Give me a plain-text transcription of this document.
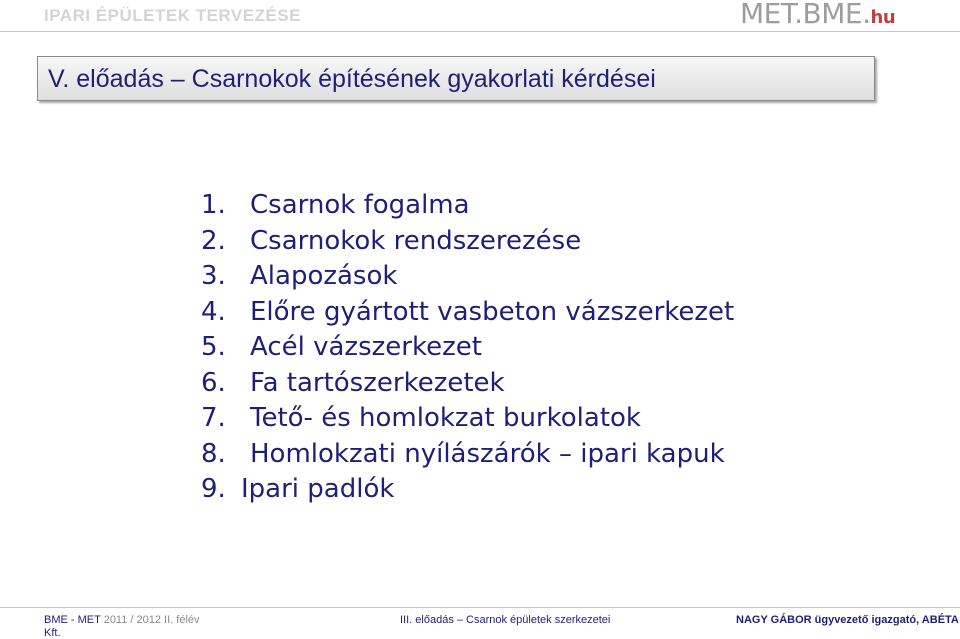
IPARI ÉPÜLETEK TERVEZÉSE	MET.BME.hu
V. előadás – Csarnokok építésének gyakorlati kérdései
1. Csarnok fogalma
2. Csarnokok rendszerezése
3. Alapozások
4. Előre gyártott vasbeton vázszerkezet
5. Acél vázszerkezet
6. Fa tartószerkezetek
7. Tető- és homlokzat burkolatok
8. Homlokzati nyílászárók – ipari kapuk
9. Ipari padlók
BME - MET 2011 / 2012 II. félév	III. előadás – Csarnok épületek szerkezetei	NAGY GÁBOR ügyvezető igazgató, ABÉTA
Kft.
